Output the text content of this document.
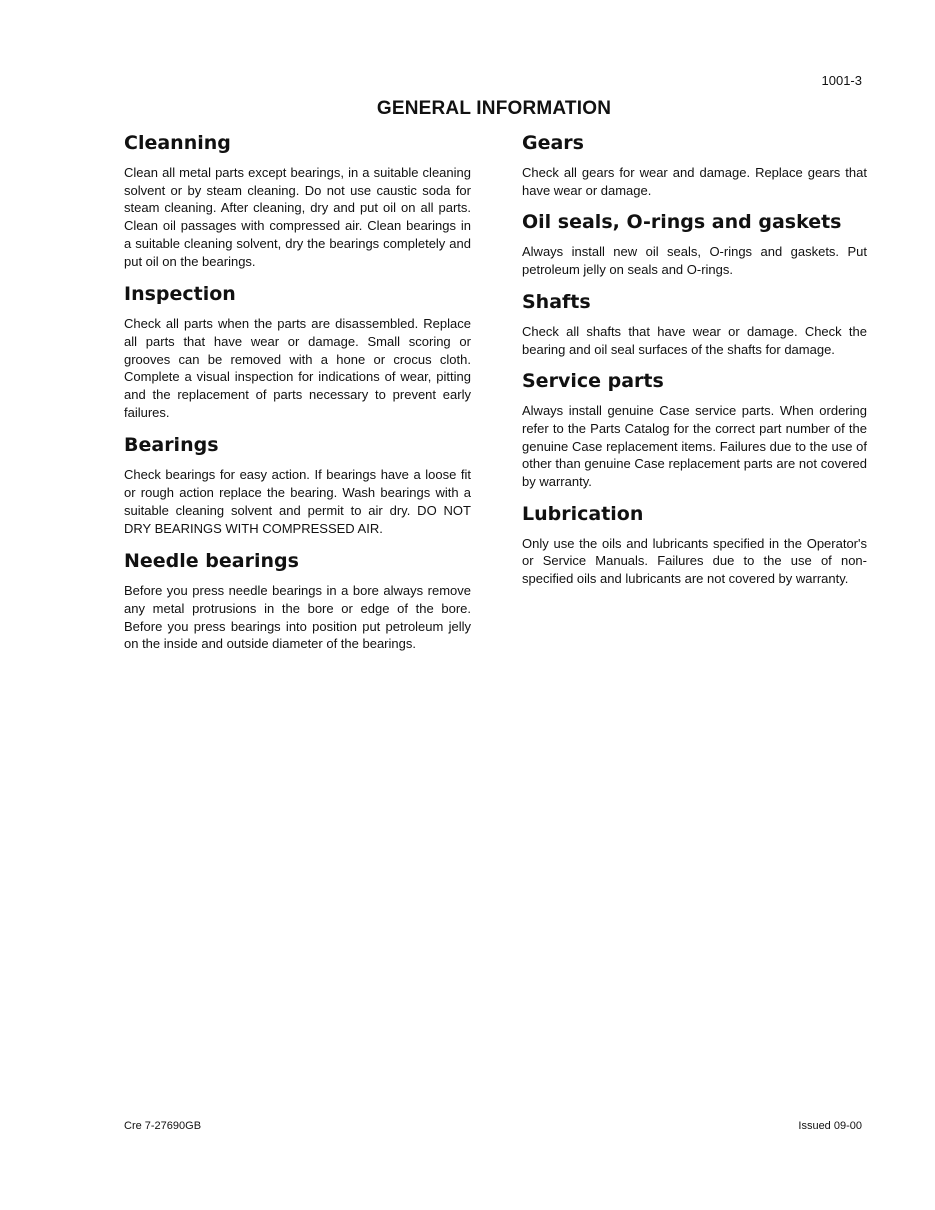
1001-3
GENERAL INFORMATION
Cleanning

Clean all metal parts except bearings, in a suitable cleaning solvent or by steam cleaning. Do not use caustic soda for steam cleaning. After cleaning, dry and put oil on all parts. Clean oil passages with compressed air. Clean bearings in a suitable cleaning solvent, dry the bearings completely and put oil on the bearings.

Inspection

Check all parts when the parts are disassembled. Replace all parts that have wear or damage. Small scoring or grooves can be removed with a hone or crocus cloth. Complete a visual inspection for indications of wear, pitting and the replacement of parts necessary to prevent early failures.

Bearings

Check bearings for easy action. If bearings have a loose fit or rough action replace the bearing. Wash bearings with a suitable cleaning solvent and permit to air dry. DO NOT DRY BEARINGS WITH COMPRESSED AIR.

Needle bearings

Before you press needle bearings in a bore always remove any metal protrusions in the bore or edge of the bore. Before you press bearings into position put petroleum jelly on the inside and outside diameter of the bearings.

Gears

Check all gears for wear and damage. Replace gears that have wear or damage.

Oil seals, O-rings and gaskets

Always install new oil seals, O-rings and gaskets. Put petroleum jelly on seals and O-rings.

Shafts

Check all shafts that have wear or damage. Check the bearing and oil seal surfaces of the shafts for damage.

Service parts

Always install genuine Case service parts. When ordering refer to the Parts Catalog for the correct part number of the genuine Case replacement items. Failures due to the use of other than genuine Case replacement parts are not covered by warranty.

Lubrication

Only use the oils and lubricants specified in the Operator's or Service Manuals. Failures due to the use of non-specified oils and lubricants are not covered by warranty.

Cre 7-27690GB	Issued 09-00
